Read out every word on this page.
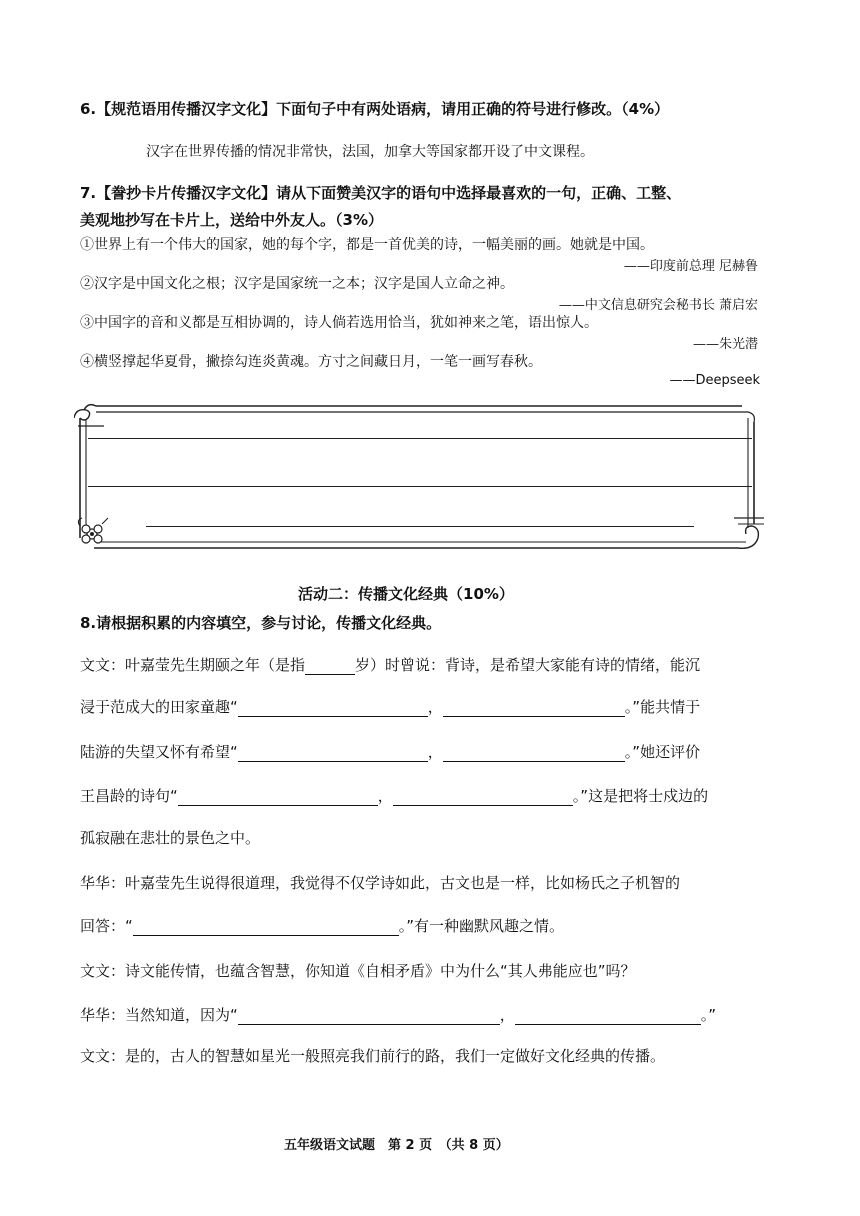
6.【规范语用传播汉字文化】下面句子中有两处语病，请用正确的符号进行修改。（4%）
汉字在世界传播的情况非常快，法国，加拿大等国家都开设了中文课程。
7.【誊抄卡片传播汉字文化】请从下面赞美汉字的语句中选择最喜欢的一句，正确、工整、
美观地抄写在卡片上，送给中外友人。（3%）
①世界上有一个伟大的国家，她的每个字，都是一首优美的诗，一幅美丽的画。她就是中国。
——印度前总理 尼赫鲁
②汉字是中国文化之根；汉字是国家统一之本；汉字是国人立命之神。
——中文信息研究会秘书长 萧启宏
③中国字的音和义都是互相协调的，诗人倘若选用恰当，犹如神来之笔，语出惊人。
——朱光潜
④横竖撑起华夏骨，撇捺勾连炎黄魂。方寸之间藏日月，一笔一画写春秋。
——Deepseek
活动二：传播文化经典（10%）
8.请根据积累的内容填空，参与讨论，传播文化经典。
文文：叶嘉莹先生期颐之年（是指	岁）时曾说：背诗，是希望大家能有诗的情绪，能沉
浸于范成大的田家童趣“	，	。”能共情于
陆游的失望又怀有希望“	，	。”她还评价
王昌龄的诗句“	，	。”这是把将士戍边的
孤寂融在悲壮的景色之中。
华华：叶嘉莹先生说得很道理，我觉得不仅学诗如此，古文也是一样，比如杨氏之子机智的
回答：“	。”有一种幽默风趣之情。
文文：诗文能传情，也蕴含智慧，你知道《自相矛盾》中为什么“其人弗能应也”吗？
华华：当然知道，因为“	，	。”
文文：是的，古人的智慧如星光一般照亮我们前行的路，我们一定做好文化经典的传播。
五年级语文试题　第 2 页　（共 8 页）
